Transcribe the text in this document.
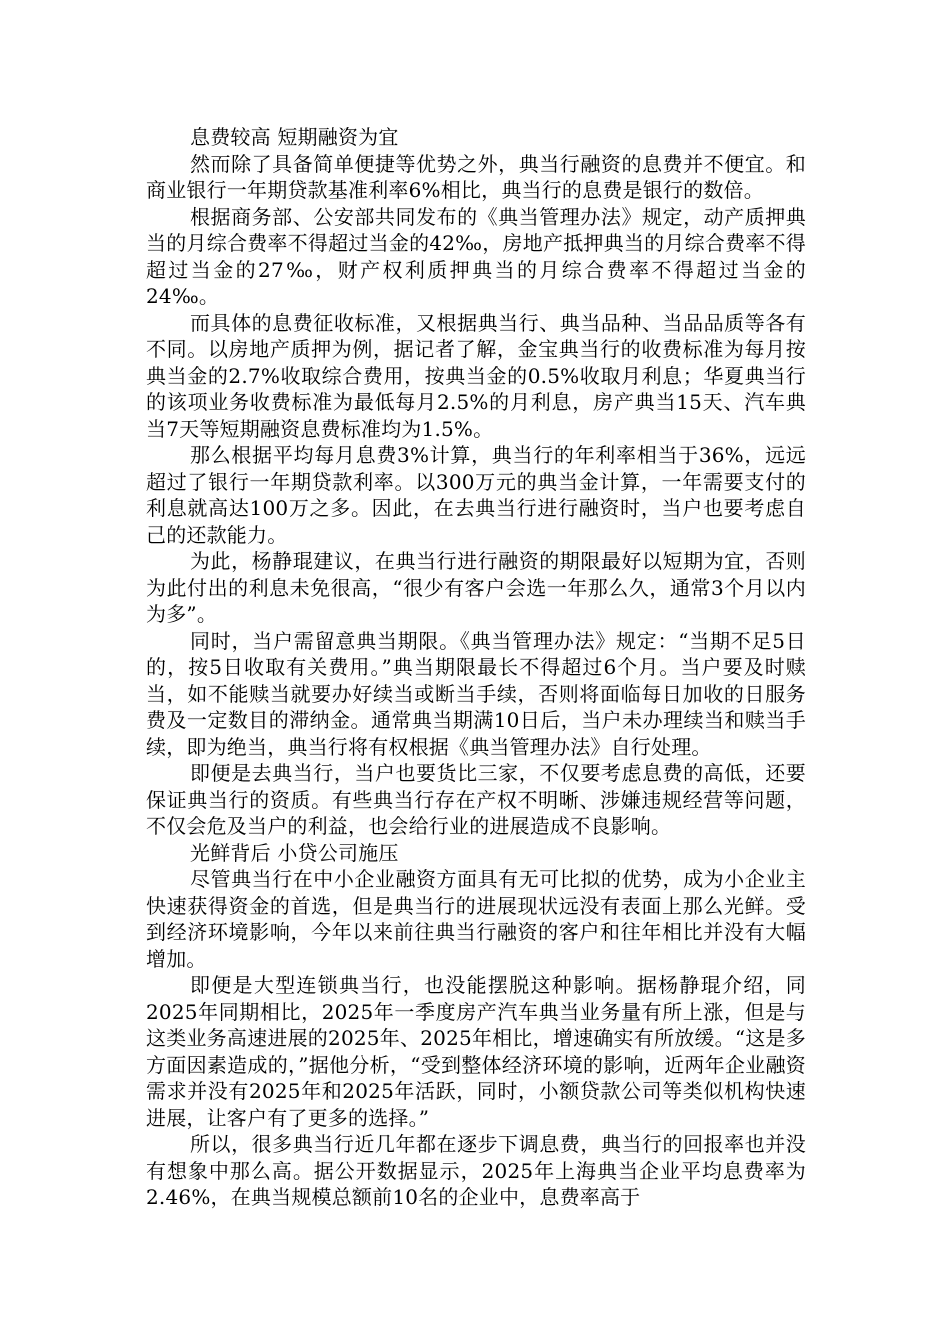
息费较高 短期融资为宜

然而除了具备简单便捷等优势之外，典当行融资的息费并不便宜。和商业银行一年期贷款基准利率6%相比，典当行的息费是银行的数倍。

根据商务部、公安部共同发布的《典当管理办法》规定，动产质押典当的月综合费率不得超过当金的42‰，房地产抵押典当的月综合费率不得超过当金的27‰，财产权利质押典当的月综合费率不得超过当金的24‰。

而具体的息费征收标准，又根据典当行、典当品种、当品品质等各有不同。以房地产质押为例，据记者了解，金宝典当行的收费标准为每月按典当金的2.7%收取综合费用，按典当金的0.5%收取月利息；华夏典当行的该项业务收费标准为最低每月2.5%的月利息，房产典当15天、汽车典当7天等短期融资息费标准均为1.5%。

那么根据平均每月息费3%计算，典当行的年利率相当于36%，远远超过了银行一年期贷款利率。以300万元的典当金计算，一年需要支付的利息就高达100万之多。因此，在去典当行进行融资时，当户也要考虑自己的还款能力。

为此，杨静琨建议，在典当行进行融资的期限最好以短期为宜，否则为此付出的利息未免很高，“很少有客户会选一年那么久，通常3个月以内为多”。

同时，当户需留意典当期限。《典当管理办法》规定：“当期不足5日的，按5日收取有关费用。”典当期限最长不得超过6个月。当户要及时赎当，如不能赎当就要办好续当或断当手续，否则将面临每日加收的日服务费及一定数目的滞纳金。通常典当期满10日后，当户未办理续当和赎当手续，即为绝当，典当行将有权根据《典当管理办法》自行处理。

即便是去典当行，当户也要货比三家，不仅要考虑息费的高低，还要保证典当行的资质。有些典当行存在产权不明晰、涉嫌违规经营等问题，不仅会危及当户的利益，也会给行业的进展造成不良影响。

光鲜背后 小贷公司施压

尽管典当行在中小企业融资方面具有无可比拟的优势，成为小企业主快速获得资金的首选，但是典当行的进展现状远没有表面上那么光鲜。受到经济环境影响，今年以来前往典当行融资的客户和往年相比并没有大幅增加。

即便是大型连锁典当行，也没能摆脱这种影响。据杨静琨介绍，同2025年同期相比，2025年一季度房产汽车典当业务量有所上涨，但是与这类业务高速进展的2025年、2025年相比，增速确实有所放缓。“这是多方面因素造成的，”据他分析，“受到整体经济环境的影响，近两年企业融资需求并没有2025年和2025年活跃，同时，小额贷款公司等类似机构快速进展，让客户有了更多的选择。”

所以，很多典当行近几年都在逐步下调息费，典当行的回报率也并没有想象中那么高。据公开数据显示，2025年上海典当企业平均息费率为2.46%，在典当规模总额前10名的企业中，息费率高于
